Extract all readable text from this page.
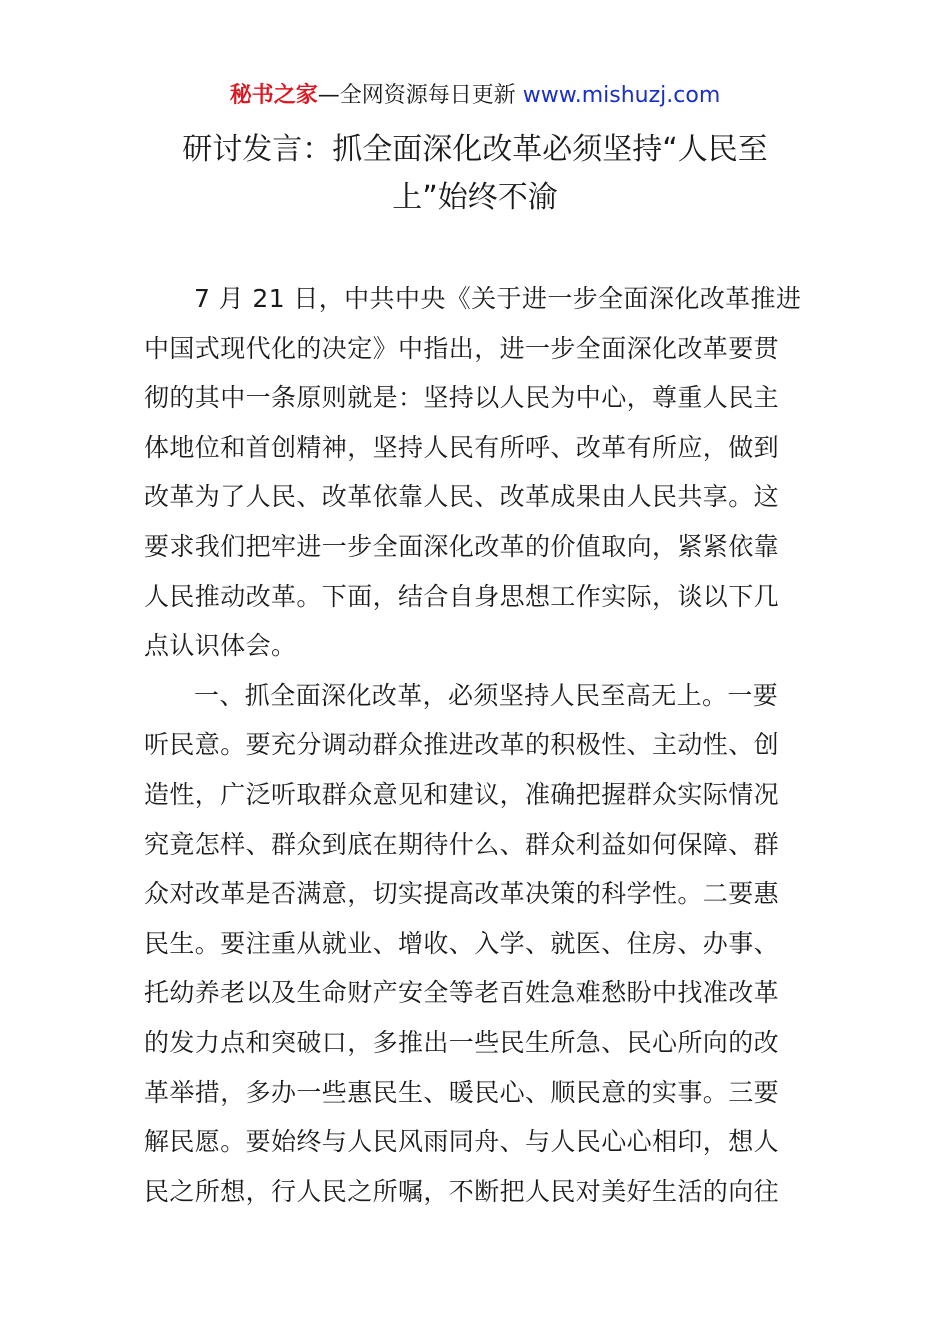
秘书之家—全网资源每日更新 www.mishuzj.com
研讨发言：抓全面深化改革必须坚持“人民至
上”始终不渝
7 月 21 日，中共中央《关于进一步全面深化改革推进
中国式现代化的决定》中指出，进一步全面深化改革要贯
彻的其中一条原则就是：坚持以人民为中心，尊重人民主
体地位和首创精神，坚持人民有所呼、改革有所应，做到
改革为了人民、改革依靠人民、改革成果由人民共享。这
要求我们把牢进一步全面深化改革的价值取向，紧紧依靠
人民推动改革。下面，结合自身思想工作实际，谈以下几
点认识体会。
一、抓全面深化改革，必须坚持人民至高无上。一要
听民意。要充分调动群众推进改革的积极性、主动性、创
造性，广泛听取群众意见和建议，准确把握群众实际情况
究竟怎样、群众到底在期待什么、群众利益如何保障、群
众对改革是否满意，切实提高改革决策的科学性。二要惠
民生。要注重从就业、增收、入学、就医、住房、办事、
托幼养老以及生命财产安全等老百姓急难愁盼中找准改革
的发力点和突破口，多推出一些民生所急、民心所向的改
革举措，多办一些惠民生、暖民心、顺民意的实事。三要
解民愿。要始终与人民风雨同舟、与人民心心相印，想人
民之所想，行人民之所嘱，不断把人民对美好生活的向往
